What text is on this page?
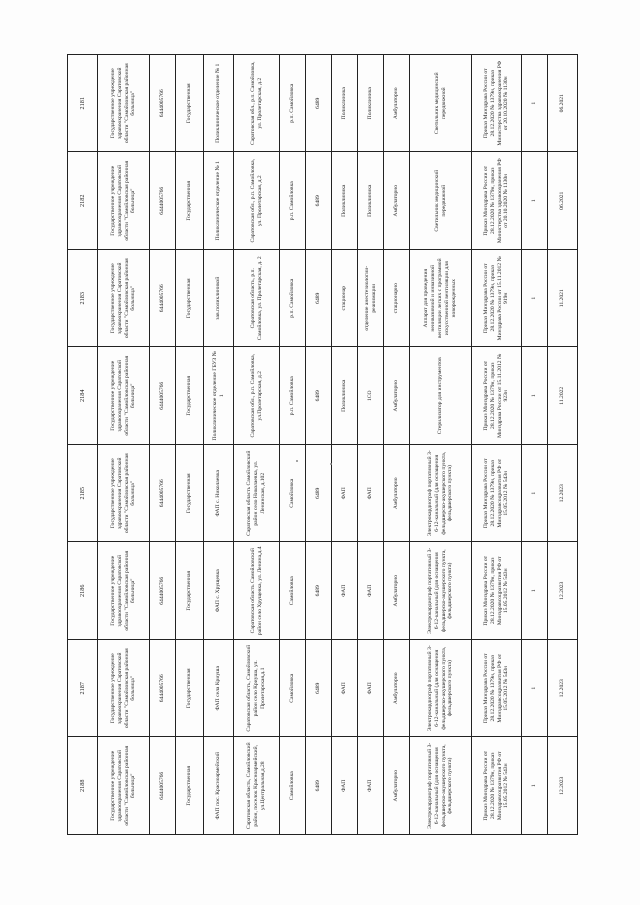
2188	2187	2186	2185	2184	2183	2182	2181
Государственное учреждение здравоохранения Саратовской области "Самойловская районная больница"	Государственное учреждение здравоохранения Саратовской области "Самойловская районная больница"	Государственное учреждение здравоохранения Саратовской области "Самойловская районная больница"	Государственное учреждение здравоохранения Саратовской области "Самойловская районная больница"	Государственное учреждение здравоохранения Саратовской области "Самойловская районная больница"	Государственное учреждение здравоохранения Саратовской области "Самойловская районная больница"	Государственное учреждение здравоохранения Саратовской области "Самойловская районная больница"	Государственное учреждение здравоохранения Саратовской области "Самойловская районная больница"
6444005766	6444005766	6444005766	6444005766	6444005766	6444005766	6444005766	6444005766
Государственная	Государственная	Государственная	Государственная	Государственная	Государственная	Государственная	Государственная
ФАП пос. Красноармейский	ФАП села Криуша	ФАП с. Хрущевка	ФАП с. Николаевка	Поликлиническое отделение ГБУЗ № 1	зав.поликлиникой	Поликлиническое отделение № 1	Поликлиническое отделение № 1
Саратовская область, Самойловский район, поселок Красноармейский, ул.Центральная,д.28	Саратовская область, Самойловский район село Криуша, ул. Пролетарская,д.1	Саратовская область Самойловский район село Хрущевка, ул. Ленина,д.4	Саратовская область Самойловский район село Николаевка, ул. Ленинская, д.102	Саратовская обл., р.п. Самойловка, ул.Пролетарская, д.2	Саратовская область, р.п. Самойловка, ул. Пролетарская, д. 2	Саратовская обл., р.п. Самойловка, ул. Пролетарская, д.2	Саратовская обл., р.п. Самойловка, ул. Пролетарская, д.2
Самойловка	Самойловка	Самойловка	Самойловка	р.п. Самойловка	р.п. Самойловка	р.п. Самойловка	р.п. Самойловка
6489	6489	6489	6489	6489	6489	6489	6489
ФАП	ФАП	ФАП	ФАП	Поликлиника	стационар	Поликлиника	Поликлиника
ФАП	ФАП	ФАП	ФАП	1СО	отделение анестезиологии-реанимации	Поликлиника	Поликлиника
Амбулаторно	Амбулаторно	Амбулаторно	Амбулаторно	Амбулаторно	стационарно	Амбулаторно	Амбулаторно
Электрокардиограф портативный 3-6-12-канальный (для оснащения фельдшерско-акушерского пункта, фельдшерского пункта)	Электрокардиограф портативный 3-6-12-канальный (для оснащения фельдшерско-акушерского пункта, фельдшерского пункта)	Электрокардиограф портативный 3-6-12-канальный (для оснащения фельдшерско-акушерского пункта, фельдшерского пункта)	Электрокардиограф портативный 3-6-12-канальный (для оснащения фельдшерско-акушерского пункта, фельдшерского пункта)	Стерилизатор для инструментов	Аппарат для проведения неинвазивной и инвазивной вентиляции легких с программой искусственной вентиляции для новорожденных	Светильник медицинский передвижной	Светильник медицинский передвижной
Приказ Минздрава России от 28.12.2020 № 1379н, приказ Минздравсоцразвития РФ от 15.05.2012 № 543н	Приказ Минздрава России от 28.12.2020 № 1379н, приказ Минздравсоцразвития РФ от 15.05.2012 № 543н	Приказ Минздрава России от 28.12.2020 № 1379н, приказ Минздравсоцразвития РФ от 15.05.2012 № 543н	Приказ Минздрава России от 28.12.2020 № 1379н, приказ Минздравсоцразвития РФ от 15.05.2012 № 543н	Приказ Минздрава России от 28.12.2020 № 1379н, приказ Минздрава России от 15.11.2012 № 923н	Приказ Минздрава России от 28.12.2020 № 1379н, приказ Минздрава России от 15.11.2012 № 919н	Приказ Минздрава России от 28.12.2020 № 1379н, приказ Министерства здравоохранения РФ от 20.10.2020 № 1130н	Приказ Минздрава России от 28.12.2020 № 1379н, приказ Министерства здравоохранения РФ от 20.10.2020 № 1130н
1	1	1	1	1	1	1	1
12.2023	12.2023	12.2023	12.2023	11.2022	11.2021	06.2021	06.2021
